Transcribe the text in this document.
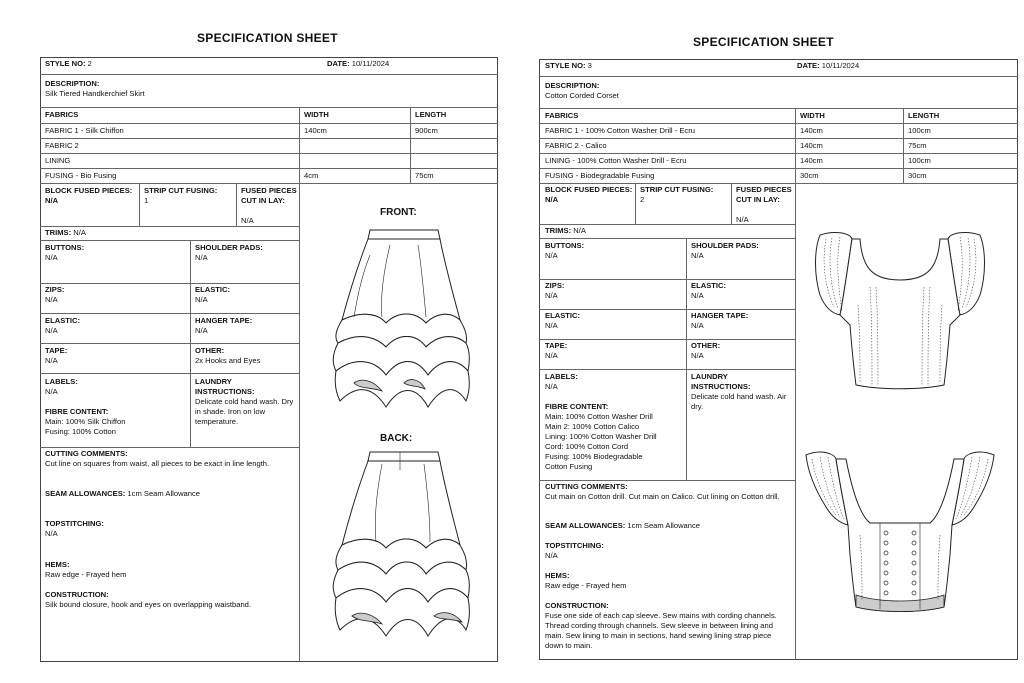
SPECIFICATION SHEET
STYLE NO: 2	DATE: 10/11/2024
DESCRIPTION:
Silk Tiered Handkerchief Skirt
FABRICS	WIDTH	LENGTH
FABRIC 1 - Silk Chiffon	140cm	900cm
FABRIC 2
LINING
FUSING - Bio Fusing	4cm	75cm
BLOCK FUSED PIECES: N/A
STRIP CUT FUSING:
1
FUSED PIECES CUT IN LAY:
N/A
TRIMS: N/A
BUTTONS:
N/A
SHOULDER PADS:
N/A
ZIPS:
N/A
ELASTIC:
N/A
ELASTIC:
N/A
HANGER TAPE:
N/A
TAPE:
N/A
OTHER:
2x Hooks and Eyes
LABELS:
N/A
LAUNDRY INSTRUCTIONS:
Delicate cold hand wash. Dry in shade. Iron on low temperature.
FIBRE CONTENT:
Main: 100% Silk Chiffon
Fusing: 100% Cotton
CUTTING COMMENTS:
Cut line on squares from waist, all pieces to be exact in line length.
SEAM ALLOWANCES: 1cm Seam Allowance
TOPSTITCHING:
N/A
HEMS:
Raw edge - Frayed hem
CONSTRUCTION:
Silk bound closure, hook and eyes on overlapping waistband.
FRONT:
BACK:
SPECIFICATION SHEET
STYLE NO: 3	DATE: 10/11/2024
DESCRIPTION:
Cotton Corded Corset
FABRICS	WIDTH	LENGTH
FABRIC 1 - 100% Cotton Washer Drill - Ecru	140cm	100cm
FABRIC 2 - Calico	140cm	75cm
LINING - 100% Cotton Washer Drill - Ecru	140cm	100cm
FUSING - Biodegradable Fusing	30cm	30cm
BLOCK FUSED PIECES: N/A
STRIP CUT FUSING:
2
FUSED PIECES CUT IN LAY:
N/A
TRIMS: N/A
BUTTONS:
N/A
SHOULDER PADS:
N/A
ZIPS:
N/A
ELASTIC:
N/A
ELASTIC:
N/A
HANGER TAPE:
N/A
TAPE:
N/A
OTHER:
N/A
LABELS:
N/A
LAUNDRY INSTRUCTIONS:
Delicate cold hand wash. Air dry.
FIBRE CONTENT:
Main: 100% Cotton Washer Drill
Main 2: 100% Cotton Calico
Lining: 100% Cotton Washer Drill
Cord: 100% Cotton Cord
Fusing: 100% Biodegradable
Cotton Fusing
CUTTING COMMENTS:
Cut main on Cotton drill. Cut main on Calico. Cut lining on Cotton drill.
SEAM ALLOWANCES: 1cm Seam Allowance
TOPSTITCHING:
N/A
HEMS:
Raw edge - Frayed hem
CONSTRUCTION:
Fuse one side of each cap sleeve. Sew mains with cording channels. Thread cording through channels. Sew sleeve in between lining and main. Sew lining to main in sections, hand sewing lining strap piece down to main.
